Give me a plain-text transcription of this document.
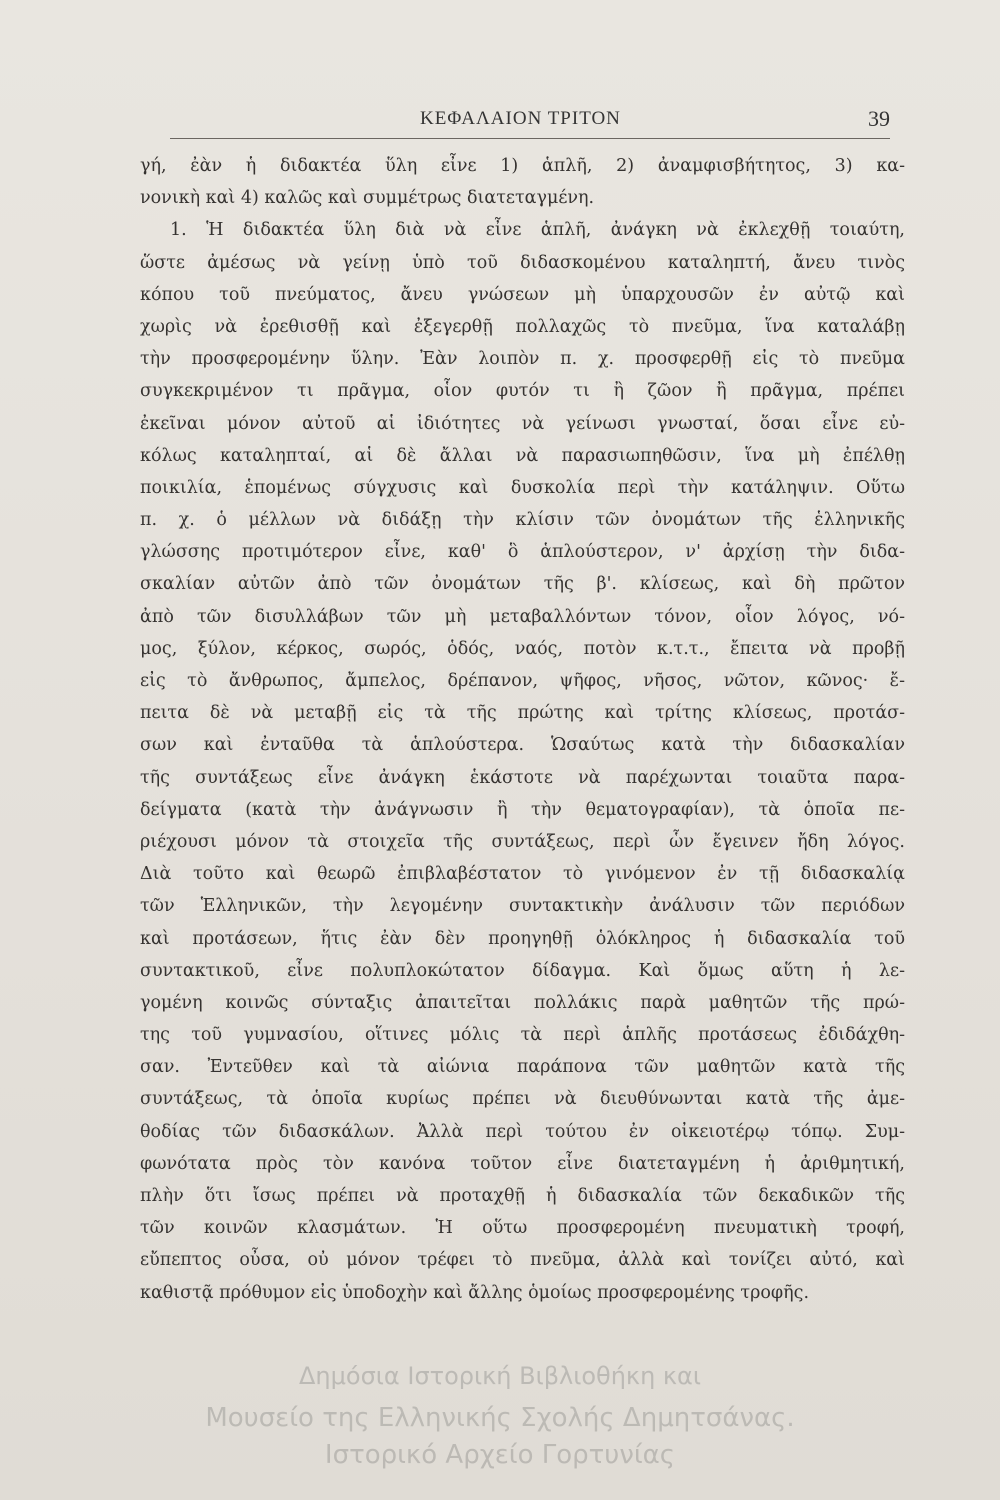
ΚΕΦΑΛΑΙΟΝ ΤΡΙΤΟΝ	39
γή, ἐὰν ἡ διδακτέα ὕλη εἶνε 1) ἁπλῆ, 2) ἀναμφισβήτητος, 3) κα-
νονικὴ καὶ 4) καλῶς καὶ συμμέτρως διατεταγμένη.
1. Ἡ διδακτέα ὕλη διὰ νὰ εἶνε ἁπλῆ, ἀνάγκη νὰ ἐκλεχθῇ τοιαύτη,
ὥστε ἀμέσως νὰ γείνῃ ὑπὸ τοῦ διδασκομένου καταληπτή, ἄνευ τινὸς
κόπου τοῦ πνεύματος, ἄνευ γνώσεων μὴ ὑπαρχουσῶν ἐν αὐτῷ καὶ
χωρὶς νὰ ἐρεθισθῇ καὶ ἐξεγερθῇ πολλαχῶς τὸ πνεῦμα, ἵνα καταλάβῃ
τὴν προσφερομένην ὕλην. Ἐὰν λοιπὸν π. χ. προσφερθῇ εἰς τὸ πνεῦμα
συγκεκριμένον τι πρᾶγμα, οἷον φυτόν τι ἢ ζῶον ἢ πρᾶγμα, πρέπει
ἐκεῖναι μόνον αὐτοῦ αἱ ἰδιότητες νὰ γείνωσι γνωσταί, ὅσαι εἶνε εὐ-
κόλως καταληπταί, αἱ δὲ ἄλλαι νὰ παρασιωπηθῶσιν, ἵνα μὴ ἐπέλθῃ
ποικιλία, ἑπομένως σύγχυσις καὶ δυσκολία περὶ τὴν κατάληψιν. Οὕτω
π. χ. ὁ μέλλων νὰ διδάξῃ τὴν κλίσιν τῶν ὀνομάτων τῆς ἑλληνικῆς
γλώσσης προτιμότερον εἶνε, καθ' ὃ ἁπλούστερον, ν' ἀρχίσῃ τὴν διδα-
σκαλίαν αὐτῶν ἀπὸ τῶν ὀνομάτων τῆς β'. κλίσεως, καὶ δὴ πρῶτον
ἀπὸ τῶν δισυλλάβων τῶν μὴ μεταβαλλόντων τόνον, οἷον λόγος, νό-
μος, ξύλον, κέρκος, σωρός, ὁδός, ναός, ποτὸν κ.τ.τ., ἔπειτα νὰ προβῇ
εἰς τὸ ἄνθρωπος, ἄμπελος, δρέπανον, ψῆφος, νῆσος, νῶτον, κῶνος· ἔ-
πειτα δὲ νὰ μεταβῇ εἰς τὰ τῆς πρώτης καὶ τρίτης κλίσεως, προτάσ-
σων καὶ ἐνταῦθα τὰ ἁπλούστερα. Ὡσαύτως κατὰ τὴν διδασκαλίαν
τῆς συντάξεως εἶνε ἀνάγκη ἑκάστοτε νὰ παρέχωνται τοιαῦτα παρα-
δείγματα (κατὰ τὴν ἀνάγνωσιν ἢ τὴν θεματογραφίαν), τὰ ὁποῖα πε-
ριέχουσι μόνον τὰ στοιχεῖα τῆς συντάξεως, περὶ ὧν ἔγεινεν ἤδη λόγος.
Διὰ τοῦτο καὶ θεωρῶ ἐπιβλαβέστατον τὸ γινόμενον ἐν τῇ διδασκαλίᾳ
τῶν Ἑλληνικῶν, τὴν λεγομένην συντακτικὴν ἀνάλυσιν τῶν περιόδων
καὶ προτάσεων, ἥτις ἐὰν δὲν προηγηθῇ ὁλόκληρος ἡ διδασκαλία τοῦ
συντακτικοῦ, εἶνε πολυπλοκώτατον δίδαγμα. Καὶ ὅμως αὕτη ἡ λε-
γομένη κοινῶς σύνταξις ἀπαιτεῖται πολλάκις παρὰ μαθητῶν τῆς πρώ-
της τοῦ γυμνασίου, οἵτινες μόλις τὰ περὶ ἁπλῆς προτάσεως ἐδιδάχθη-
σαν. Ἐντεῦθεν καὶ τὰ αἰώνια παράπονα τῶν μαθητῶν κατὰ τῆς
συντάξεως, τὰ ὁποῖα κυρίως πρέπει νὰ διευθύνωνται κατὰ τῆς ἀμε-
θοδίας τῶν διδασκάλων. Ἀλλὰ περὶ τούτου ἐν οἰκειοτέρῳ τόπῳ. Συμ-
φωνότατα πρὸς τὸν κανόνα τοῦτον εἶνε διατεταγμένη ἡ ἀριθμητική,
πλὴν ὅτι ἴσως πρέπει νὰ προταχθῇ ἡ διδασκαλία τῶν δεκαδικῶν τῆς
τῶν κοινῶν κλασμάτων. Ἡ οὕτω προσφερομένη πνευματικὴ τροφή,
εὔπεπτος οὖσα, οὐ μόνον τρέφει τὸ πνεῦμα, ἀλλὰ καὶ τονίζει αὐτό, καὶ
καθιστᾷ πρόθυμον εἰς ὑποδοχὴν καὶ ἄλλης ὁμοίως προσφερομένης τροφῆς.
Δημόσια Ιστορική Βιβλιοθήκη και
Μουσείο της Ελληνικής Σχολής Δημητσάνας.
Ιστορικό Αρχείο Γορτυνίας
